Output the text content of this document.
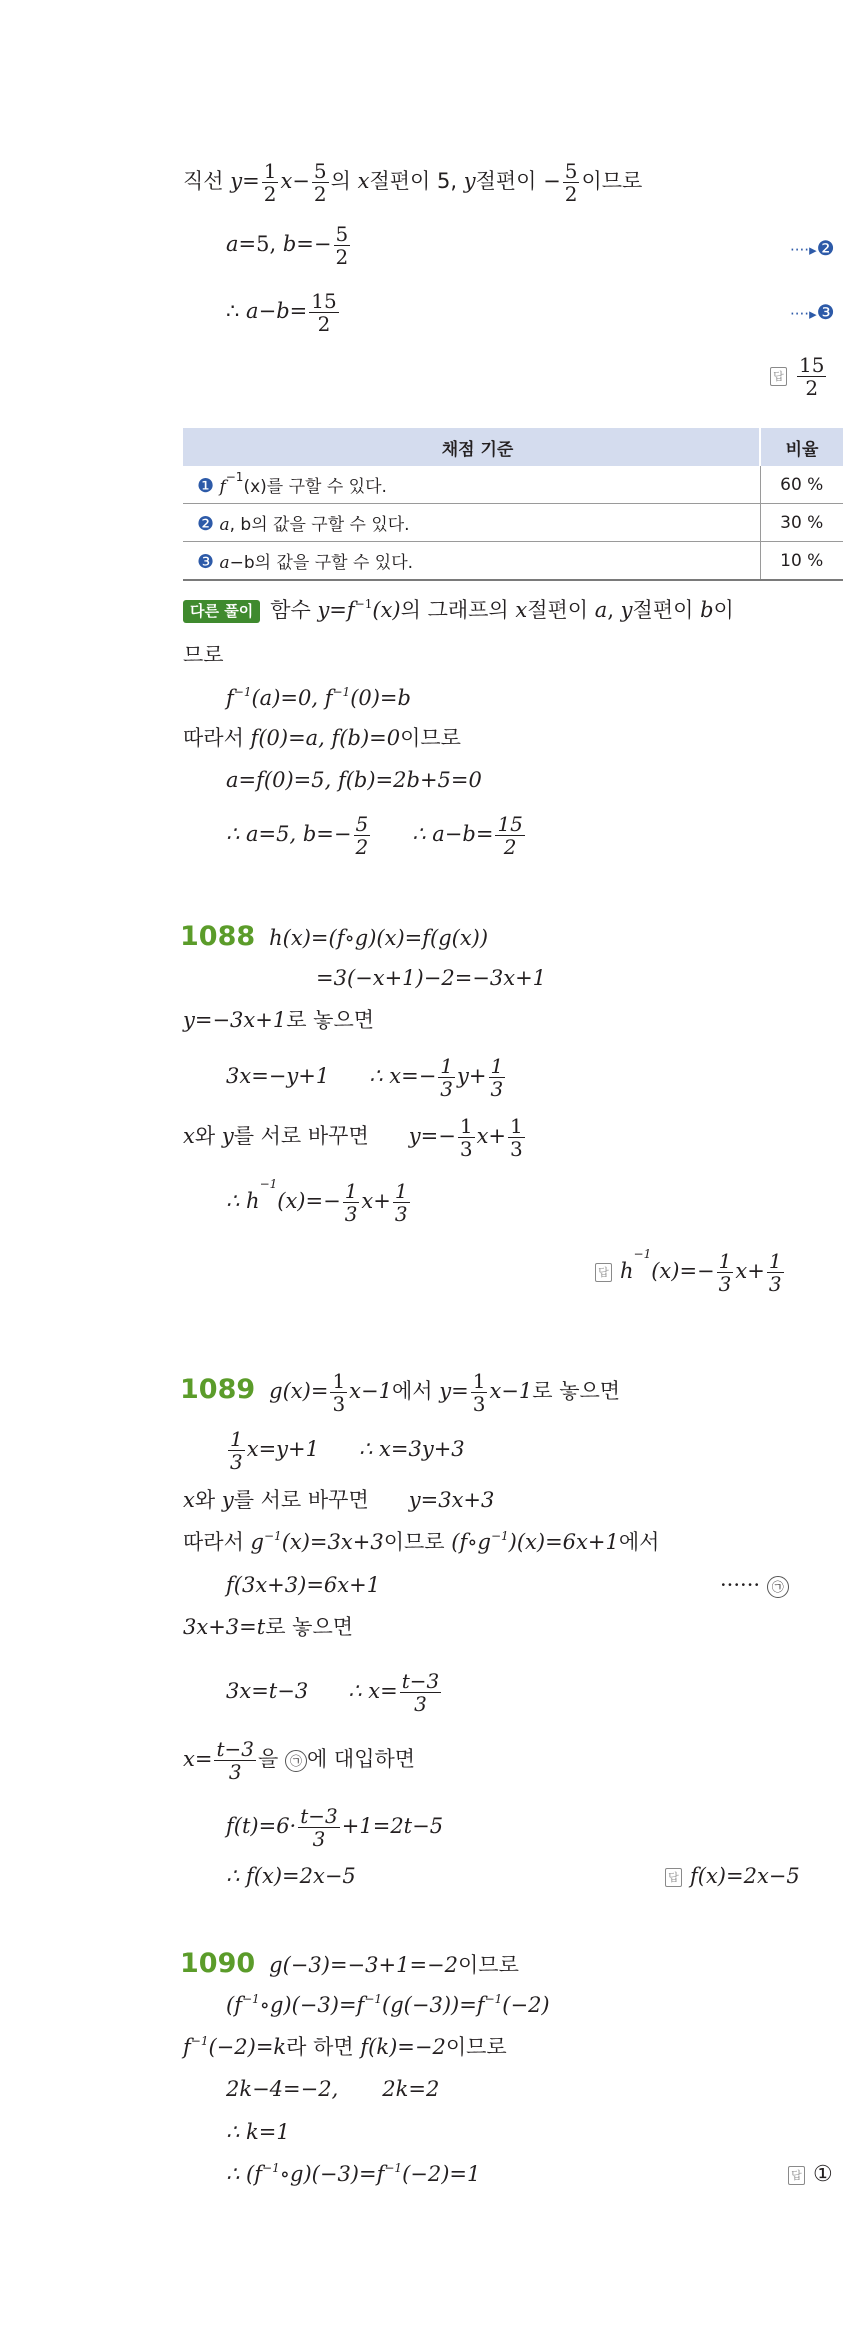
직선 $y= \frac{1}{2} x- \frac{5}{2}$ 의 x절편이 5, y절편이 − $\frac{5}{2}$ 이므로
a=5, $b=- \frac{5}{2}$	····▸❷
∴ $a-b= \frac{15}{2}$	····▸❸
답 $\frac{15}{2}$
채점 기준	비율
❶ $f^{-1}(x)$를 구할 수 있다.	60 %
❷ a, b의 값을 구할 수 있다.	30 %
❸ a−b의 값을 구할 수 있다.	10 %
다른 풀이 함수 $y=f^{-1}(x)$의 그래프의 x절편이 a, y절편이 b이
므로
$f^{-1}(a)=0$, $f^{-1}(0)=b$
따라서 f(0)=a, f(b)=0이므로
a=f(0)=5, f(b)=2b+5=0
∴ a=5, $b=- \frac{5}{2}$ ∴ $a-b= \frac{15}{2}$
1088 h(x)=(f∘g)(x)=f(g(x))
=3(−x+1)−2=−3x+1
y=−3x+1로 놓으면
3x=−y+1 ∴ $x=- \frac{1}{3} y+ \frac{1}{3}$
x와 y를 서로 바꾸면 $y=- \frac{1}{3} x+ \frac{1}{3}$
∴ $h^{-1}(x)=- \frac{1}{3} x+ \frac{1}{3}$
답 $h^{-1}(x)=- \frac{1}{3} x+ \frac{1}{3}$
1089 $g(x)= \frac{1}{3} x-1$에서 $y= \frac{1}{3} x-1$로 놓으면
$\frac{1}{3} x=y+1$ ∴ x=3y+3
x와 y를 서로 바꾸면 y=3x+3
따라서 $g^{-1}(x)=3x+3$이므로 $(f\circ g^{-1})(x)=6x+1$에서
f(3x+3)=6x+1	······ ㉠
3x+3=t로 놓으면
3x=t−3 ∴ $x= \frac{t-3}{3}$
$x= \frac{t-3}{3}$ 을 ㉠ 에 대입하면
$f(t)=6\cdot \frac{t-3}{3} +1=2t-5$
∴ f(x)=2x−5	답 f(x)=2x−5
1090 g(−3)=−3+1=−2이므로
$(f^{-1}\circ g)(-3)=f^{-1}(g(-3))=f^{-1}(-2)$
$f^{-1}(-2)=k$라 하면 f(k)=−2이므로
2k−4=−2, 2k=2
∴ k=1
∴ $(f^{-1}\circ g)(-3)=f^{-1}(-2)=1$	답 ①
